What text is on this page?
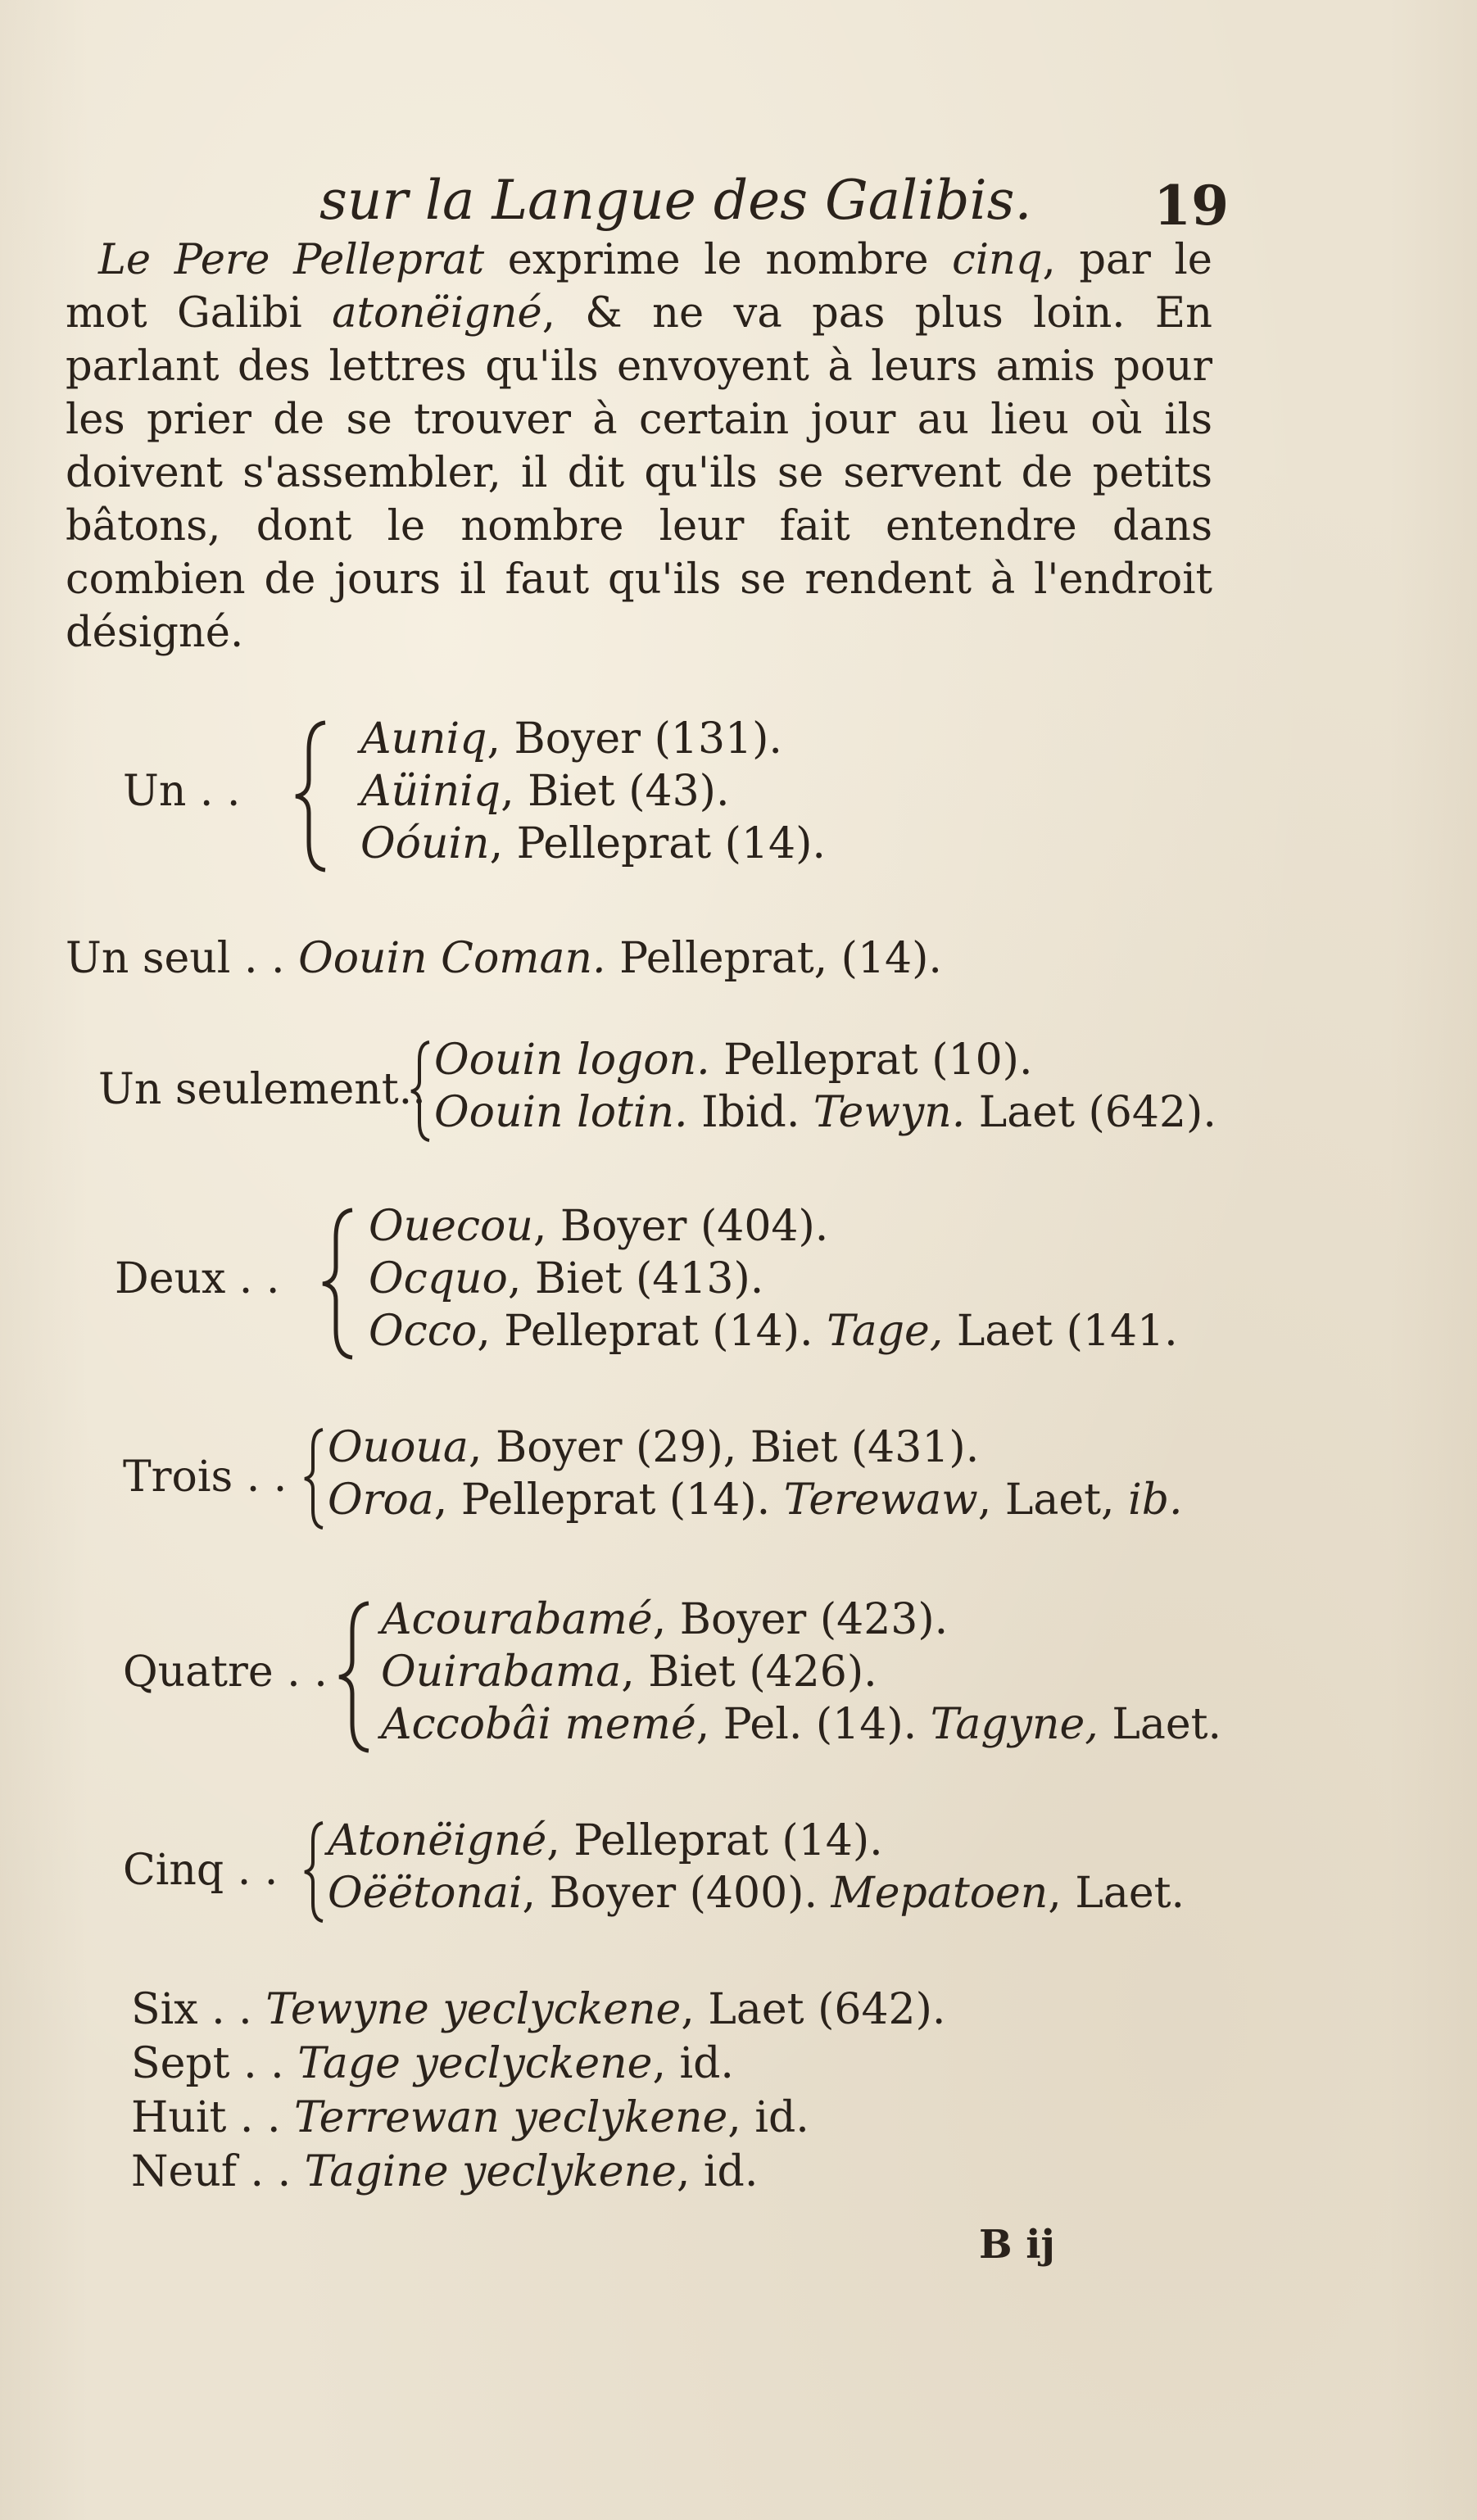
sur la Langue des Galibis.	19

Le Pere Pelleprat exprime le nombre cinq, par le mot Galibi atonëigné, & ne va pas plus loin. En parlant des lettres qu'ils envoyent à leurs amis pour les prier de se trouver à certain jour au lieu où ils doivent s'assembler, il dit qu'ils se servent de petits bâtons, dont le nombre leur fait entendre dans combien de jours il faut qu'ils se rendent à l'endroit désigné.

Un . .
Auniq, Boyer (131).
Aüiniq, Biet (43).
Oóuin, Pelleprat (14).
Un seul . . Oouin Coman. Pelleprat, (14).
Un seulement..
Oouin logon. Pelleprat (10).
Oouin lotin. Ibid. Tewyn. Laet (642).
Deux . .
Ouecou, Boyer (404).
Ocquo, Biet (413).
Occo, Pelleprat (14). Tage, Laet (141.
Trois . .
Ououa, Boyer (29), Biet (431).
Oroa, Pelleprat (14). Terewaw, Laet, ib.
Quatre . .
Acourabamé, Boyer (423).
Ouirabama, Biet (426).
Accobâi memé, Pel. (14). Tagyne, Laet.
Cinq . .
Atonëigné, Pelleprat (14).
Oëëtonai, Boyer (400). Mepatoen, Laet.
Six . . Tewyne yeclyckene, Laet (642).
Sept . . Tage yeclyckene, id.
Huit . . Terrewan yeclykene, id.
Neuf . . Tagine yeclykene, id.
B ij
